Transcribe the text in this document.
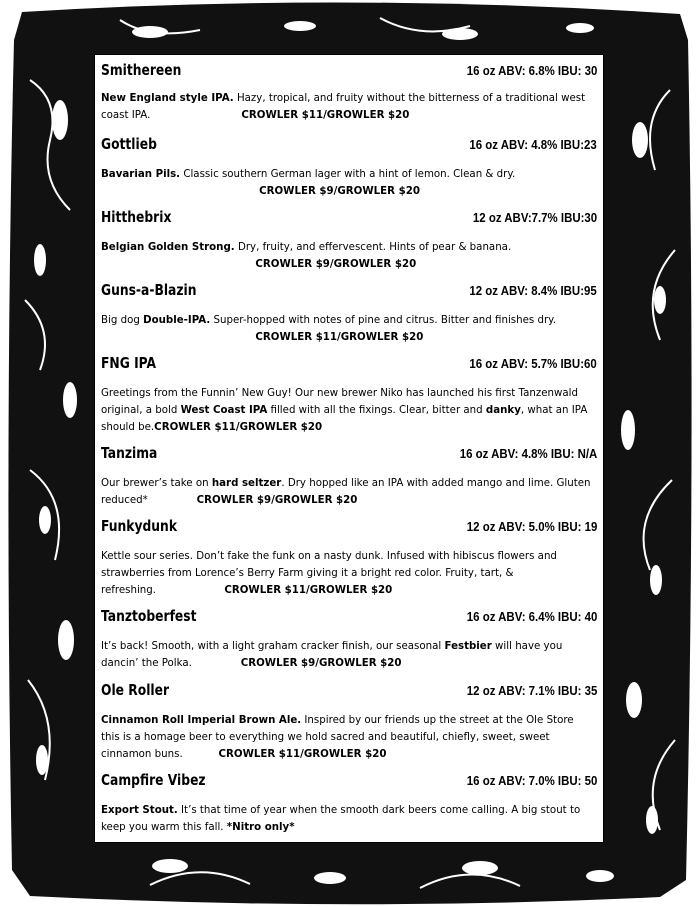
Smithereen	16 oz ABV: 6.8% IBU: 30
New England style IPA. Hazy, tropical, and fruity without the bitterness of a traditional west coast IPA.	CROWLER $11/GROWLER $20
Gottlieb	16 oz ABV: 4.8% IBU:23
Bavarian Pils. Classic southern German lager with a hint of lemon. Clean & dry.
CROWLER $9/GROWLER $20
Hitthebrix	12 oz ABV:7.7% IBU:30
Belgian Golden Strong. Dry, fruity, and effervescent. Hints of pear & banana.
CROWLER $9/GROWLER $20
Guns-a-Blazin	12 oz ABV: 8.4% IBU:95
Big dog Double-IPA. Super-hopped with notes of pine and citrus. Bitter and finishes dry.
CROWLER $11/GROWLER $20
FNG IPA	16 oz ABV: 5.7% IBU:60
Greetings from the Funnin’ New Guy! Our new brewer Niko has launched his first Tanzenwald original, a bold West Coast IPA filled with all the fixings. Clear, bitter and danky, what an IPA should be.CROWLER $11/GROWLER $20
Tanzima	16 oz ABV: 4.8% IBU: N/A
Our brewer’s take on hard seltzer. Dry hopped like an IPA with added mango and lime. Gluten reduced*	CROWLER $9/GROWLER $20
Funkydunk	12 oz ABV: 5.0% IBU: 19
Kettle sour series. Don’t fake the funk on a nasty dunk. Infused with hibiscus flowers and strawberries from Lorence’s Berry Farm giving it a bright red color. Fruity, tart, & refreshing.	CROWLER $11/GROWLER $20
Tanztoberfest	16 oz ABV: 6.4% IBU: 40
It’s back! Smooth, with a light graham cracker finish, our seasonal Festbier will have you dancin’ the Polka.	CROWLER $9/GROWLER $20
Ole Roller	12 oz ABV: 7.1% IBU: 35
Cinnamon Roll Imperial Brown Ale. Inspired by our friends up the street at the Ole Store this is a homage beer to everything we hold sacred and beautiful, chiefly, sweet, sweet cinnamon buns.	CROWLER $11/GROWLER $20
Campfire Vibez	16 oz ABV: 7.0% IBU: 50
Export Stout. It’s that time of year when the smooth dark beers come calling. A big stout to keep you warm this fall. *Nitro only*
